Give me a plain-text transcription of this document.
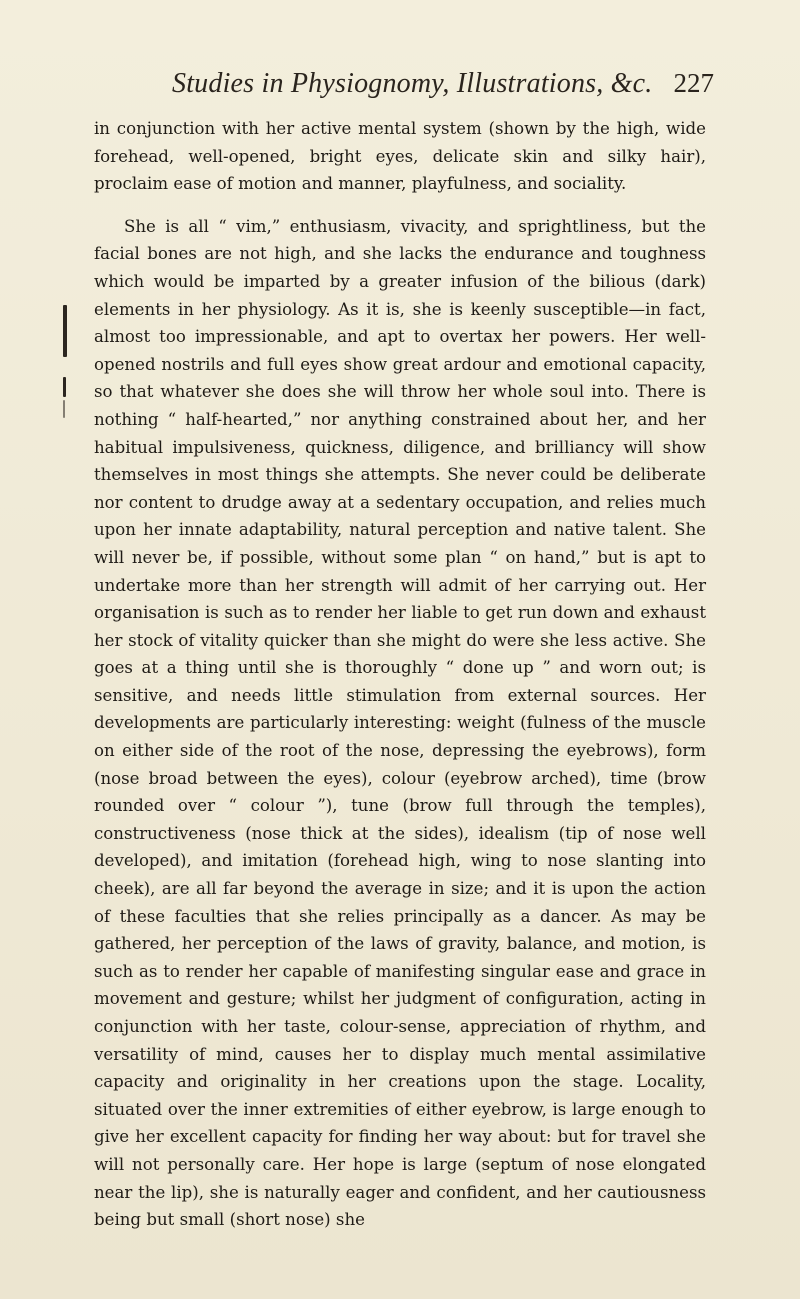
Studies in Physiognomy, Illustrations, &c. 227

in conjunction with her active mental system (shown by the high, wide forehead, well-opened, bright eyes, delicate skin and silky hair), proclaim ease of motion and manner, playfulness, and sociality.

She is all “ vim,” enthusiasm, vivacity, and sprightliness, but the facial bones are not high, and she lacks the endurance and toughness which would be imparted by a greater infusion of the bilious (dark) elements in her physiology. As it is, she is keenly susceptible—in fact, almost too impressionable, and apt to overtax her powers. Her well-opened nostrils and full eyes show great ardour and emotional capacity, so that whatever she does she will throw her whole soul into. There is nothing “ half-hearted,” nor anything constrained about her, and her habitual impulsiveness, quickness, diligence, and brilliancy will show themselves in most things she attempts. She never could be deliberate nor content to drudge away at a sedentary occupation, and relies much upon her innate adaptability, natural perception and native talent. She will never be, if possible, without some plan “ on hand,” but is apt to undertake more than her strength will admit of her carrying out. Her organisation is such as to render her liable to get run down and exhaust her stock of vitality quicker than she might do were she less active. She goes at a thing until she is thoroughly “ done up ” and worn out; is sensitive, and needs little stimulation from external sources. Her developments are particularly interesting: weight (fulness of the muscle on either side of the root of the nose, depressing the eyebrows), form (nose broad between the eyes), colour (eyebrow arched), time (brow rounded over “ colour ”), tune (brow full through the temples), constructiveness (nose thick at the sides), idealism (tip of nose well developed), and imitation (forehead high, wing to nose slanting into cheek), are all far beyond the average in size; and it is upon the action of these faculties that she relies principally as a dancer. As may be gathered, her perception of the laws of gravity, balance, and motion, is such as to render her capable of manifesting singular ease and grace in movement and gesture; whilst her judgment of configuration, acting in conjunction with her taste, colour-sense, appreciation of rhythm, and versatility of mind, causes her to display much mental assimilative capacity and originality in her creations upon the stage. Locality, situated over the inner extremities of either eyebrow, is large enough to give her excellent capacity for finding her way about: but for travel she will not personally care. Her hope is large (septum of nose elongated near the lip), she is naturally eager and confident, and her cautiousness being but small (short nose) she
